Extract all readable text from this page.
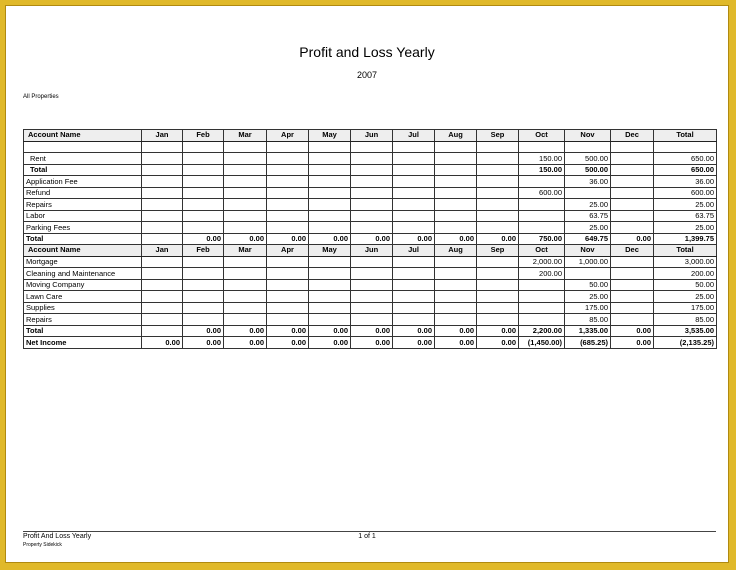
Profit and Loss Yearly
2007
All Properties
Account Name	Jan	Feb	Mar	Apr	May	Jun	Jul	Aug	Sep	Oct	Nov	Dec	Total

Rent										150.00	500.00		650.00
Total										150.00	500.00		650.00
Application Fee											36.00		36.00
Refund										600.00			600.00
Repairs											25.00		25.00
Labor											63.75		63.75
Parking Fees											25.00		25.00
Total		0.00	0.00	0.00	0.00	0.00	0.00	0.00	0.00	750.00	649.75	0.00	1,399.75
Account Name	Jan	Feb	Mar	Apr	May	Jun	Jul	Aug	Sep	Oct	Nov	Dec	Total
Mortgage										2,000.00	1,000.00		3,000.00
Cleaning and Maintenance										200.00			200.00
Moving Company											50.00		50.00
Lawn Care											25.00		25.00
Supplies											175.00		175.00
Repairs											85.00		85.00
Total		0.00	0.00	0.00	0.00	0.00	0.00	0.00	0.00	2,200.00	1,335.00	0.00	3,535.00
Net Income	0.00	0.00	0.00	0.00	0.00	0.00	0.00	0.00	0.00	(1,450.00)	(685.25)	0.00	(2,135.25)
Profit And Loss Yearly
Property Sidekick
1 of 1
